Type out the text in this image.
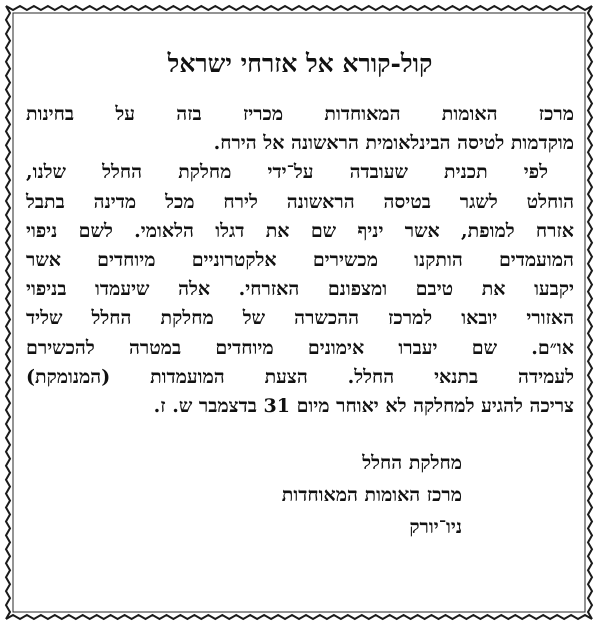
קול-קורא אל אזרחי ישראל
מרכז האומות המאוחדות מכריז בזה על בחינות
מוקדמות לטיסה הבינלאומית הראשונה אל הירח.
לפי תכנית שעובדה על־ידי מחלקת החלל שלנו,
הוחלט לשגר בטיסה הראשונה לירח מכל מדינה בתבל
אזרח למופת, אשר יניף שם את דגלו הלאומי. לשם ניפוי
המועמדים הותקנו מכשירים אלקטרוניים מיוחדים אשר
יקבעו את טיבם ומצפונם האזרחי. אלה שיעמדו בניפוי
האזורי יובאו למרכז ההכשרה של מחלקת החלל שליד
או״ם. שם יעברו אימונים מיוחדים במטרה להכשירם
לעמידה בתנאי החלל. הצעת המועמדות (המנומקת)
צריכה להגיע למחלקה לא יאוחר מיום 31 בדצמבר ש. ז.
מחלקת החלל
מרכז האומות המאוחדות
ניו־יורק
